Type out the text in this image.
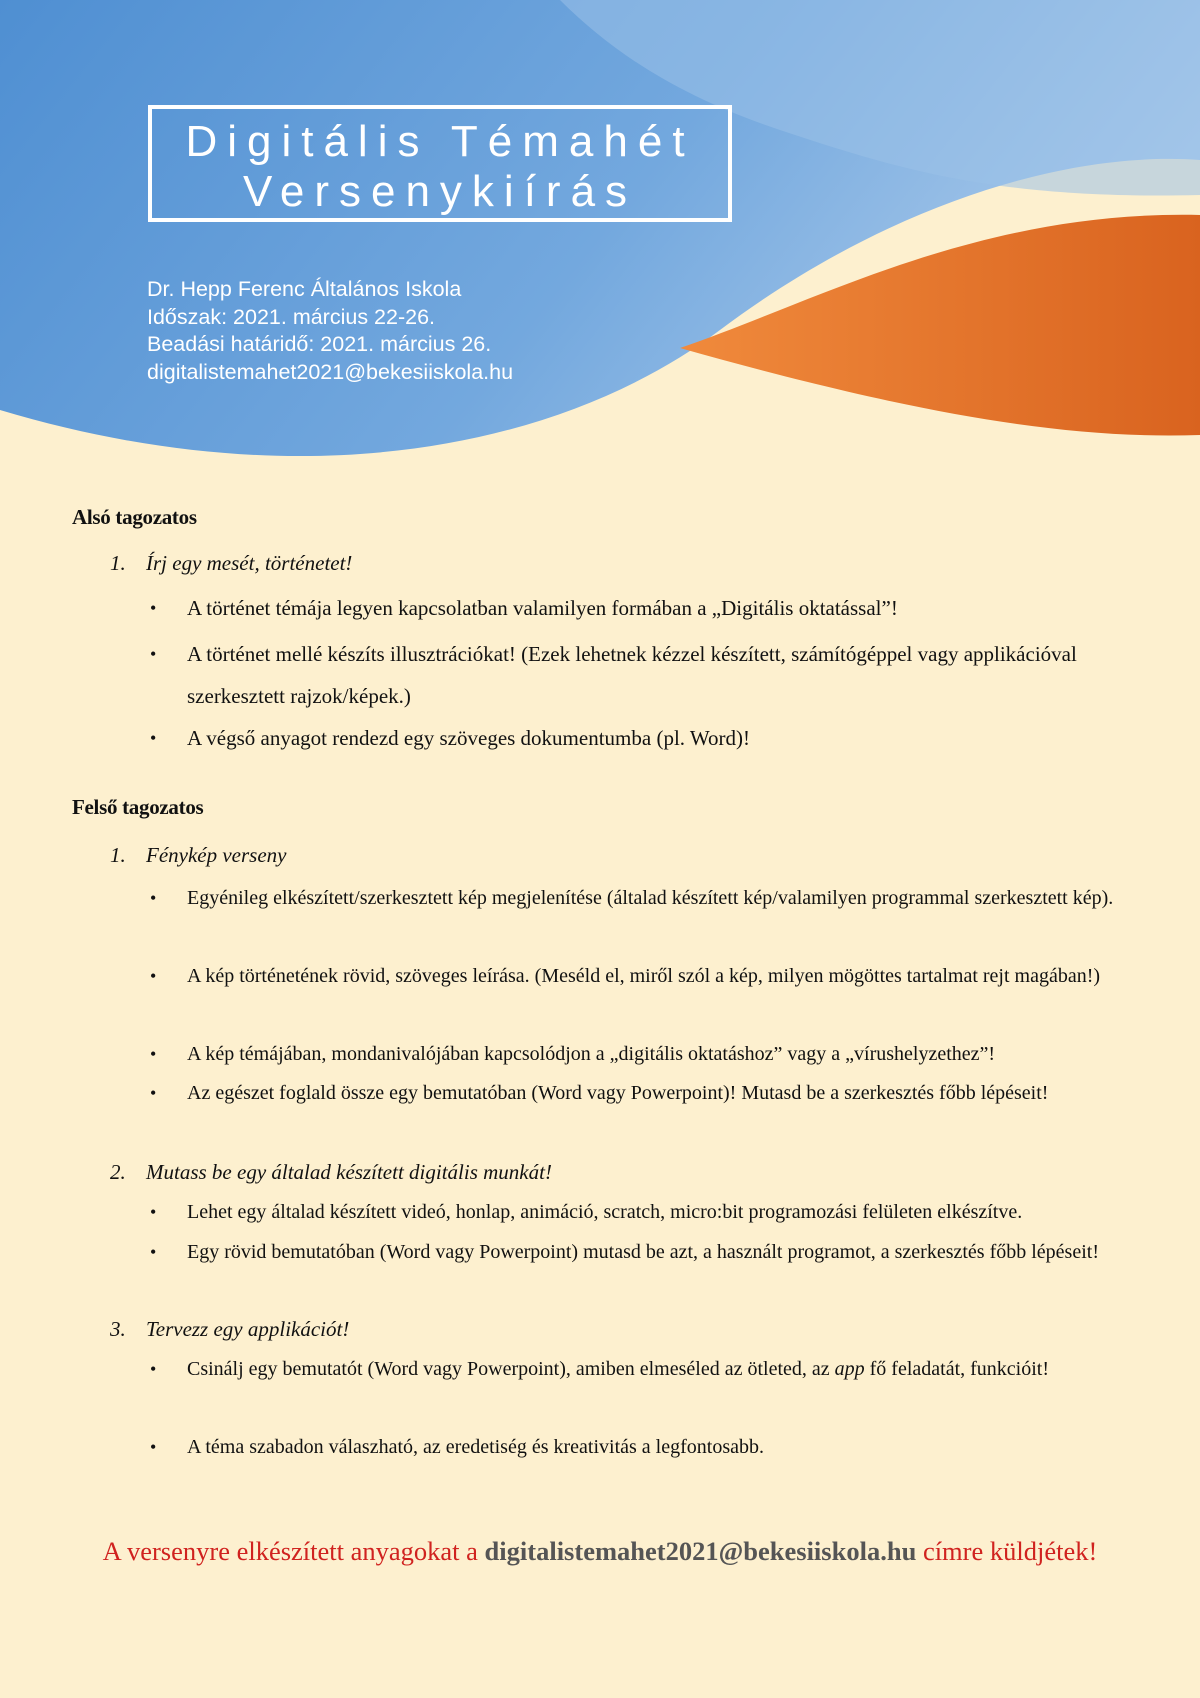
Digitális Témahét
Versenykiírás
Dr. Hepp Ferenc Általános Iskola
Időszak: 2021. március 22-26.
Beadási határidő: 2021. március 26.
digitalistemahet2021@bekesiiskola.hu
Alsó tagozatos
1. Írj egy mesét, történetet!
• A történet témája legyen kapcsolatban valamilyen formában a „Digitális oktatással”!
• A történet mellé készíts illusztrációkat! (Ezek lehetnek kézzel készített, számítógéppel vagy applikációval szerkesztett rajzok/képek.)
• A végső anyagot rendezd egy szöveges dokumentumba (pl. Word)!
Felső tagozatos
1. Fénykép verseny
• Egyénileg elkészített/szerkesztett kép megjelenítése (általad készített kép/valamilyen programmal szerkesztett kép).
• A kép történetének rövid, szöveges leírása. (Meséld el, miről szól a kép, milyen mögöttes tartalmat rejt magában!)
• A kép témájában, mondanivalójában kapcsolódjon a „digitális oktatáshoz” vagy a „vírushelyzethez”!
• Az egészet foglald össze egy bemutatóban (Word vagy Powerpoint)! Mutasd be a szerkesztés főbb lépéseit!
2. Mutass be egy általad készített digitális munkát!
• Lehet egy általad készített videó, honlap, animáció, scratch, micro:bit programozási felületen elkészítve.
• Egy rövid bemutatóban (Word vagy Powerpoint) mutasd be azt, a használt programot, a szerkesztés főbb lépéseit!
3. Tervezz egy applikációt!
• Csinálj egy bemutatót (Word vagy Powerpoint), amiben elmeséled az ötleted, az app fő feladatát, funkcióit!
• A téma szabadon válaszható, az eredetiség és kreativitás a legfontosabb.
A versenyre elkészített anyagokat a digitalistemahet2021@bekesiiskola.hu címre küldjétek!
